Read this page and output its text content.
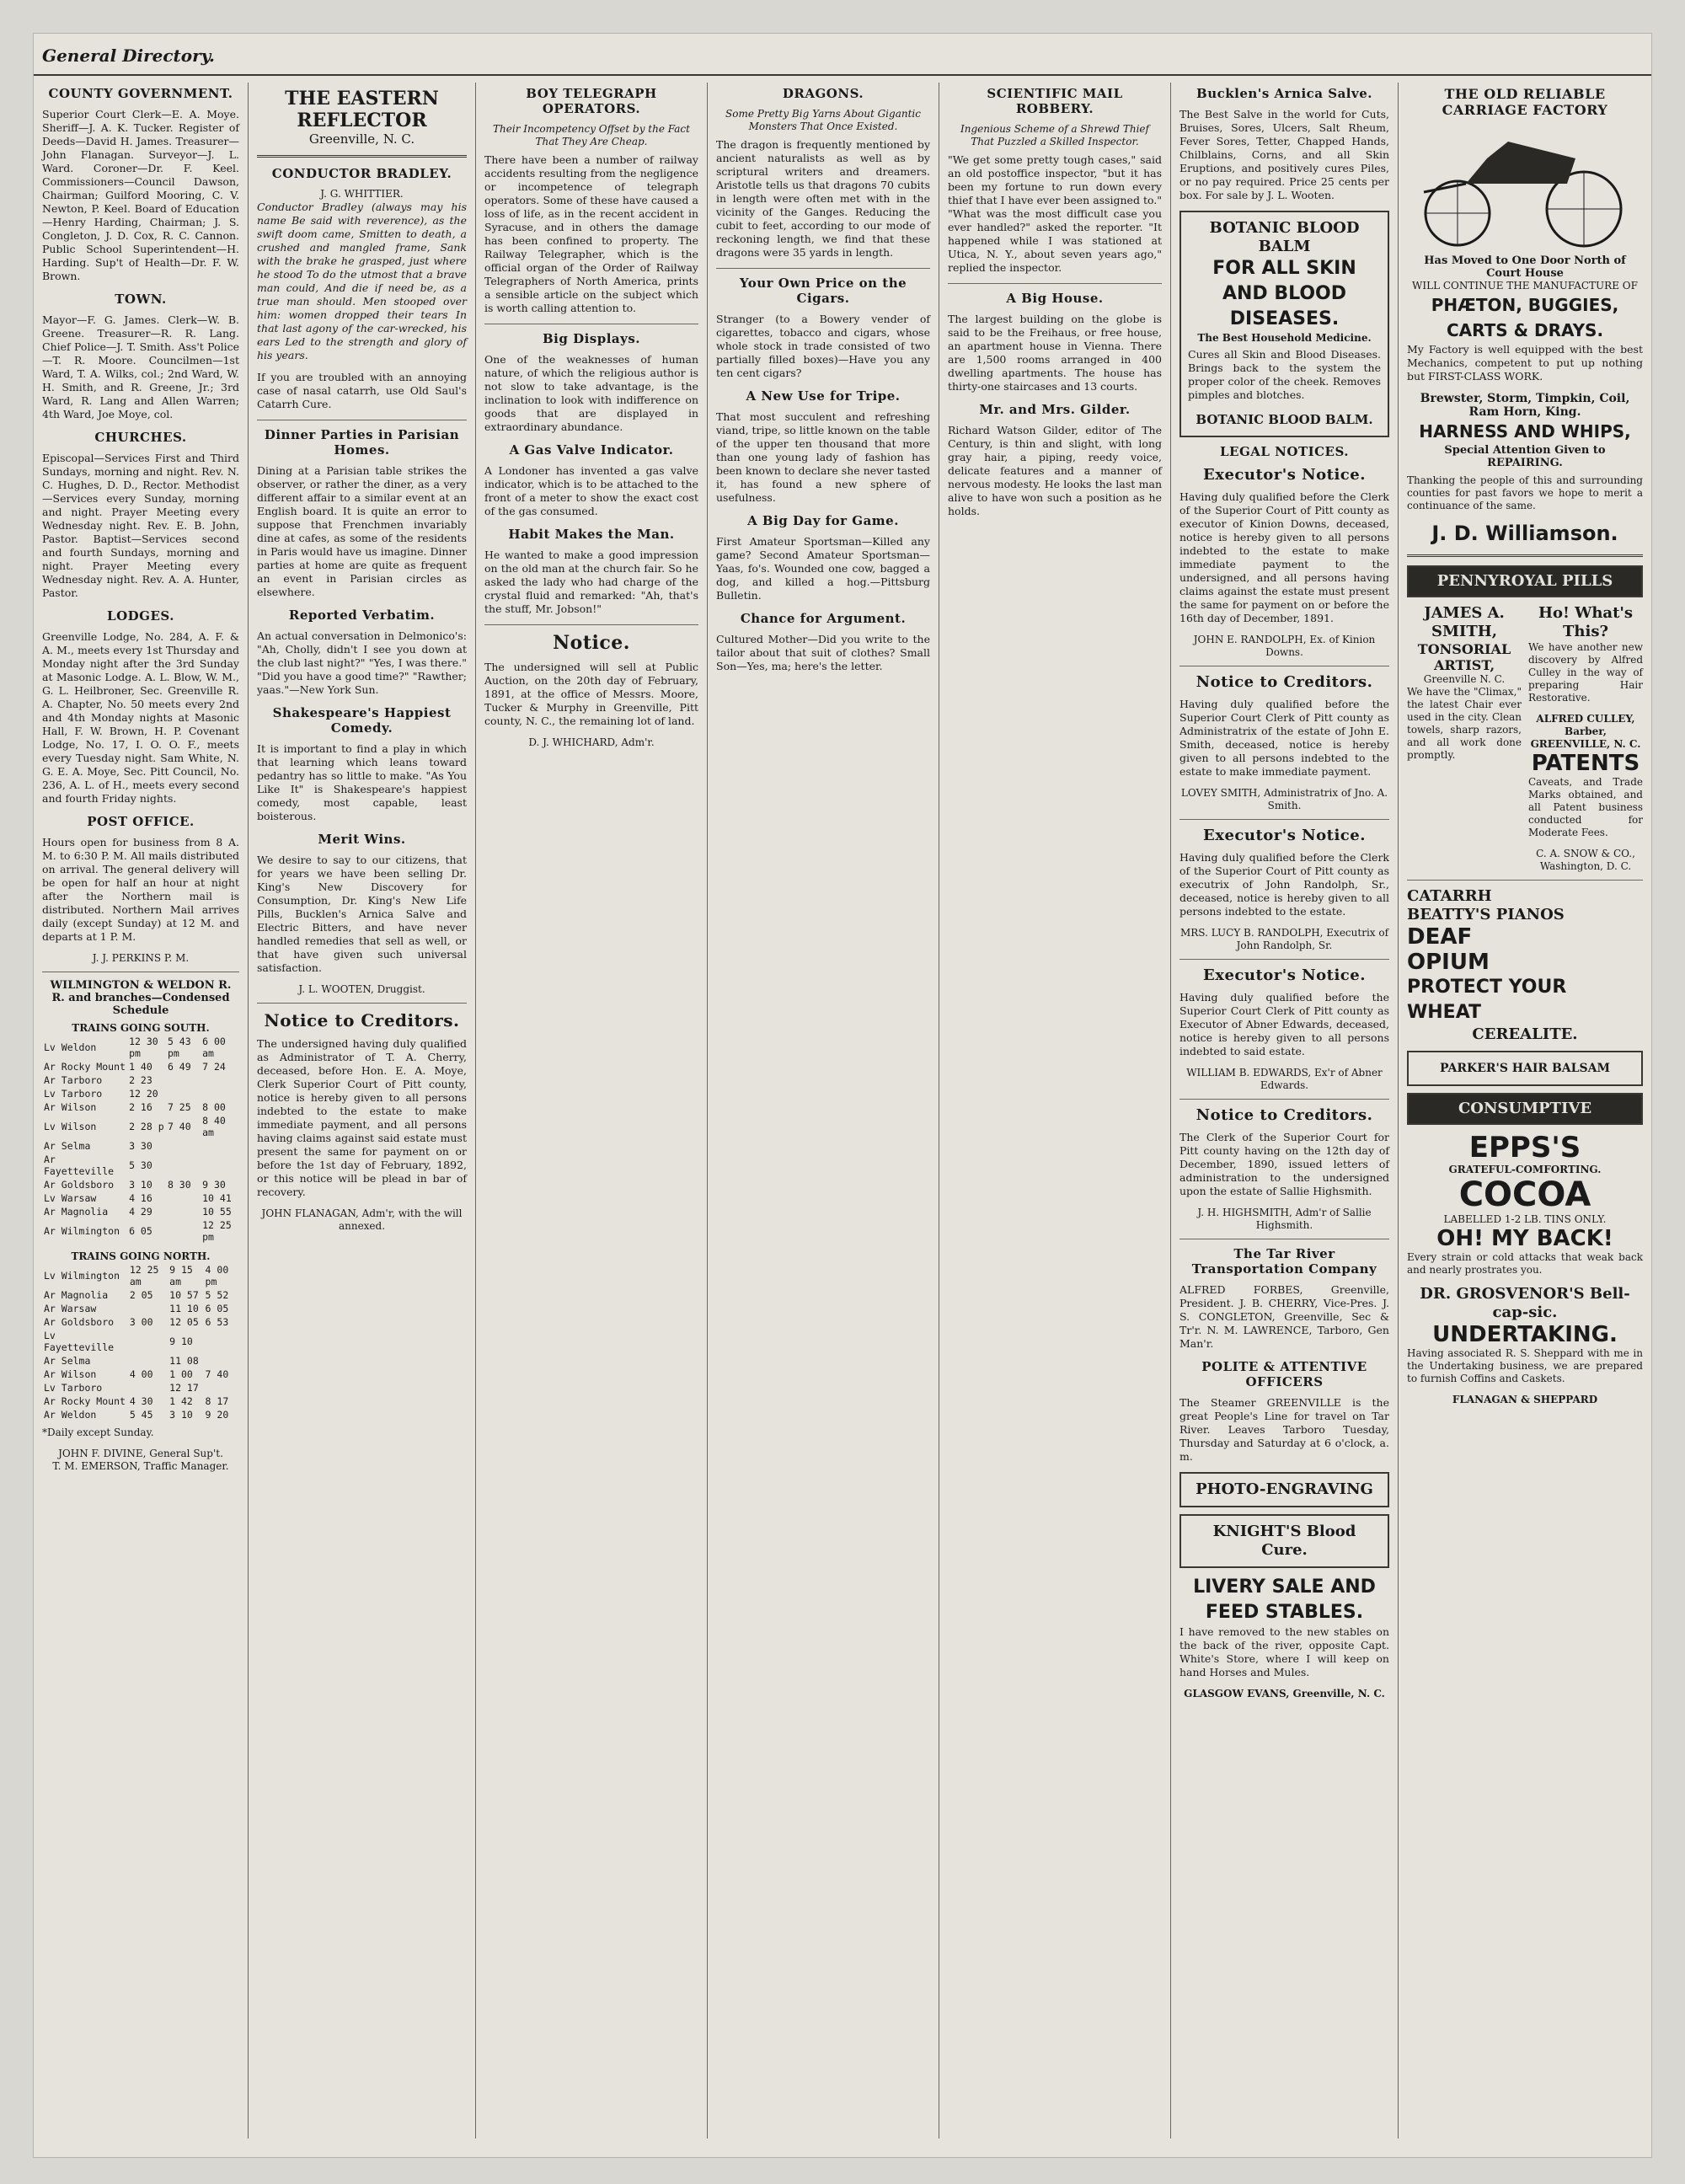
General Directory.
COUNTY GOVERNMENT.

Superior Court Clerk—E. A. Moye. Sheriff—J. A. K. Tucker. Register of Deeds—David H. James. Treasurer—John Flanagan. Surveyor—J. L. Ward. Coroner—Dr. F. Keel. Commissioners—Council Dawson, Chairman; Guilford Mooring, C. V. Newton, P. Keel. Board of Education—Henry Harding, Chairman; J. S. Congleton, J. D. Cox, R. C. Cannon. Public School Superintendent—H. Harding. Sup't of Health—Dr. F. W. Brown.

TOWN.

Mayor—F. G. James. Clerk—W. B. Greene. Treasurer—R. R. Lang. Chief Police—J. T. Smith. Ass't Police—T. R. Moore. Councilmen—1st Ward, T. A. Wilks, col.; 2nd Ward, W. H. Smith, and R. Greene, Jr.; 3rd Ward, R. Lang and Allen Warren; 4th Ward, Joe Moye, col.

CHURCHES.

Episcopal—Services First and Third Sundays, morning and night. Rev. N. C. Hughes, D. D., Rector. Methodist—Services every Sunday, morning and night. Prayer Meeting every Wednesday night. Rev. E. B. John, Pastor. Baptist—Services second and fourth Sundays, morning and night. Prayer Meeting every Wednesday night. Rev. A. A. Hunter, Pastor.

LODGES.

Greenville Lodge, No. 284, A. F. & A. M., meets every 1st Thursday and Monday night after the 3rd Sunday at Masonic Lodge. A. L. Blow, W. M., G. L. Heilbroner, Sec. Greenville R. A. Chapter, No. 50 meets every 2nd and 4th Monday nights at Masonic Hall, F. W. Brown, H. P. Covenant Lodge, No. 17, I. O. O. F., meets every Tuesday night. Sam White, N. G. E. A. Moye, Sec. Pitt Council, No. 236, A. L. of H., meets every second and fourth Friday nights.

POST OFFICE.

Hours open for business from 8 A. M. to 6:30 P. M. All mails distributed on arrival. The general delivery will be open for half an hour at night after the Northern mail is distributed. Northern Mail arrives daily (except Sunday) at 12 M. and departs at 1 P. M.

J. J. PERKINS P. M.
WILMINGTON & WELDON R. R. and branches—Condensed Schedule
TRAINS GOING SOUTH.
Lv Weldon	12 30 pm	5 43 pm	6 00 am
Ar Rocky Mount	1 40	6 49	7 24
Ar Tarboro	2 23		
Lv Tarboro	12 20		
Ar Wilson	2 16	7 25	8 00
Lv Wilson	2 28 p	7 40	8 40 am
Ar Selma	3 30		
Ar Fayetteville	5 30		
Ar Goldsboro	3 10	8 30	9 30
Lv Warsaw	4 16		10 41
Ar Magnolia	4 29		10 55
Ar Wilmington	6 05		12 25 pm
TRAINS GOING NORTH.
Lv Wilmington	12 25 am	9 15 am	4 00 pm
Ar Magnolia	2 05	10 57	5 52
Ar Warsaw		11 10	6 05
Ar Goldsboro	3 00	12 05	6 53
Lv Fayetteville		9 10	
Ar Selma		11 08	
Ar Wilson	4 00	1 00	7 40
Lv Tarboro		12 17	
Ar Rocky Mount	4 30	1 42	8 17
Ar Weldon	5 45	3 10	9 20
*Daily except Sunday.
JOHN F. DIVINE, General Sup't.
T. M. EMERSON, Traffic Manager.
THE EASTERN REFLECTOR
Greenville, N. C.
CONDUCTOR BRADLEY.
J. G. WHITTIER.

Conductor Bradley (always may his name Be said with reverence), as the swift doom came, Smitten to death, a crushed and mangled frame, Sank with the brake he grasped, just where he stood To do the utmost that a brave man could, And die if need be, as a true man should. Men stooped over him: women dropped their tears In that last agony of the car-wrecked, his ears Led to the strength and glory of his years.

If you are troubled with an annoying case of nasal catarrh, use Old Saul's Catarrh Cure.

Dinner Parties in Parisian Homes.

Dining at a Parisian table strikes the observer, or rather the diner, as a very different affair to a similar event at an English board. It is quite an error to suppose that Frenchmen invariably dine at cafes, as some of the residents in Paris would have us imagine. Dinner parties at home are quite as frequent an event in Parisian circles as elsewhere.

Reported Verbatim.

An actual conversation in Delmonico's: "Ah, Cholly, didn't I see you down at the club last night?" "Yes, I was there." "Did you have a good time?" "Rawther; yaas."—New York Sun.

Shakespeare's Happiest Comedy.

It is important to find a play in which that learning which leans toward pedantry has so little to make. "As You Like It" is Shakespeare's happiest comedy, most capable, least boisterous.

Merit Wins.

We desire to say to our citizens, that for years we have been selling Dr. King's New Discovery for Consumption, Dr. King's New Life Pills, Bucklen's Arnica Salve and Electric Bitters, and have never handled remedies that sell as well, or that have given such universal satisfaction.

J. L. WOOTEN, Druggist.
Notice to Creditors.

The undersigned having duly qualified as Administrator of T. A. Cherry, deceased, before Hon. E. A. Moye, Clerk Superior Court of Pitt county, notice is hereby given to all persons indebted to the estate to make immediate payment, and all persons having claims against said estate must present the same for payment on or before the 1st day of February, 1892, or this notice will be plead in bar of recovery.

JOHN FLANAGAN, Adm'r, with the will annexed.
BOY TELEGRAPH OPERATORS.
Their Incompetency Offset by the Fact That They Are Cheap.

There have been a number of railway accidents resulting from the negligence or incompetence of telegraph operators. Some of these have caused a loss of life, as in the recent accident in Syracuse, and in others the damage has been confined to property. The Railway Telegrapher, which is the official organ of the Order of Railway Telegraphers of North America, prints a sensible article on the subject which is worth calling attention to.

Big Displays.

One of the weaknesses of human nature, of which the religious author is not slow to take advantage, is the inclination to look with indifference on goods that are displayed in extraordinary abundance.

A Gas Valve Indicator.

A Londoner has invented a gas valve indicator, which is to be attached to the front of a meter to show the exact cost of the gas consumed.

Habit Makes the Man.

He wanted to make a good impression on the old man at the church fair. So he asked the lady who had charge of the crystal fluid and remarked: "Ah, that's the stuff, Mr. Jobson!"

Notice.

The undersigned will sell at Public Auction, on the 20th day of February, 1891, at the office of Messrs. Moore, Tucker & Murphy in Greenville, Pitt county, N. C., the remaining lot of land.

D. J. WHICHARD, Adm'r.
DRAGONS.
Some Pretty Big Yarns About Gigantic Monsters That Once Existed.

The dragon is frequently mentioned by ancient naturalists as well as by scriptural writers and dreamers. Aristotle tells us that dragons 70 cubits in length were often met with in the vicinity of the Ganges. Reducing the cubit to feet, according to our mode of reckoning length, we find that these dragons were 35 yards in length.

Your Own Price on the Cigars.

Stranger (to a Bowery vender of cigarettes, tobacco and cigars, whose whole stock in trade consisted of two partially filled boxes)—Have you any ten cent cigars?

A New Use for Tripe.

That most succulent and refreshing viand, tripe, so little known on the table of the upper ten thousand that more than one young lady of fashion has been known to declare she never tasted it, has found a new sphere of usefulness.

A Big Day for Game.

First Amateur Sportsman—Killed any game? Second Amateur Sportsman—Yaas, fo's. Wounded one cow, bagged a dog, and killed a hog.—Pittsburg Bulletin.

Chance for Argument.

Cultured Mother—Did you write to the tailor about that suit of clothes? Small Son—Yes, ma; here's the letter.

SCIENTIFIC MAIL ROBBERY.
Ingenious Scheme of a Shrewd Thief That Puzzled a Skilled Inspector.

"We get some pretty tough cases," said an old postoffice inspector, "but it has been my fortune to run down every thief that I have ever been assigned to." "What was the most difficult case you ever handled?" asked the reporter. "It happened while I was stationed at Utica, N. Y., about seven years ago," replied the inspector.

A Big House.

The largest building on the globe is said to be the Freihaus, or free house, an apartment house in Vienna. There are 1,500 rooms arranged in 400 dwelling apartments. The house has thirty-one staircases and 13 courts.

Mr. and Mrs. Gilder.

Richard Watson Gilder, editor of The Century, is thin and slight, with long gray hair, a piping, reedy voice, delicate features and a manner of nervous modesty. He looks the last man alive to have won such a position as he holds.

Bucklen's Arnica Salve.

The Best Salve in the world for Cuts, Bruises, Sores, Ulcers, Salt Rheum, Fever Sores, Tetter, Chapped Hands, Chilblains, Corns, and all Skin Eruptions, and positively cures Piles, or no pay required. Price 25 cents per box. For sale by J. L. Wooten.

BOTANIC BLOOD BALM
FOR ALL SKIN AND BLOOD DISEASES.
The Best Household Medicine.

Cures all Skin and Blood Diseases. Brings back to the system the proper color of the cheek. Removes pimples and blotches.

BOTANIC BLOOD BALM.
LEGAL NOTICES.
Executor's Notice.

Having duly qualified before the Clerk of the Superior Court of Pitt county as executor of Kinion Downs, deceased, notice is hereby given to all persons indebted to the estate to make immediate payment to the undersigned, and all persons having claims against the estate must present the same for payment on or before the 16th day of December, 1891.

JOHN E. RANDOLPH, Ex. of Kinion Downs.
Notice to Creditors.

Having duly qualified before the Superior Court Clerk of Pitt county as Administratrix of the estate of John E. Smith, deceased, notice is hereby given to all persons indebted to the estate to make immediate payment.

LOVEY SMITH, Administratrix of Jno. A. Smith.
Executor's Notice.

Having duly qualified before the Clerk of the Superior Court of Pitt county as executrix of John Randolph, Sr., deceased, notice is hereby given to all persons indebted to the estate.

MRS. LUCY B. RANDOLPH, Executrix of John Randolph, Sr.
Executor's Notice.

Having duly qualified before the Superior Court Clerk of Pitt county as Executor of Abner Edwards, deceased, notice is hereby given to all persons indebted to said estate.

WILLIAM B. EDWARDS, Ex'r of Abner Edwards.
Notice to Creditors.

The Clerk of the Superior Court for Pitt county having on the 12th day of December, 1890, issued letters of administration to the undersigned upon the estate of Sallie Highsmith.

J. H. HIGHSMITH, Adm'r of Sallie Highsmith.
The Tar River Transportation Company

ALFRED FORBES, Greenville, President. J. B. CHERRY, Vice-Pres. J. S. CONGLETON, Greenville, Sec & Tr'r. N. M. LAWRENCE, Tarboro, Gen Man'r.

POLITE & ATTENTIVE OFFICERS

The Steamer GREENVILLE is the great People's Line for travel on Tar River. Leaves Tarboro Tuesday, Thursday and Saturday at 6 o'clock, a. m.

PHOTO-ENGRAVING
KNIGHT'S Blood Cure.
LIVERY SALE AND FEED STABLES.

I have removed to the new stables on the back of the river, opposite Capt. White's Store, where I will keep on hand Horses and Mules.

GLASGOW EVANS, Greenville, N. C.
THE OLD RELIABLE CARRIAGE FACTORY
Has Moved to One Door North of Court House
WILL CONTINUE THE MANUFACTURE OF
PHÆTON, BUGGIES, CARTS & DRAYS.

My Factory is well equipped with the best Mechanics, competent to put up nothing but FIRST-CLASS WORK.

Brewster, Storm, Timpkin, Coil, Ram Horn, King.
HARNESS AND WHIPS,
Special Attention Given to REPAIRING.

Thanking the people of this and surrounding counties for past favors we hope to merit a continuance of the same.

J. D. Williamson.
PENNYROYAL PILLS
JAMES A. SMITH,
TONSORIAL ARTIST,
Greenville N. C.

We have the "Climax," the latest Chair ever used in the city. Clean towels, sharp razors, and all work done promptly.

Ho! What's This?

We have another new discovery by Alfred Culley in the way of preparing Hair Restorative.

ALFRED CULLEY, Barber, GREENVILLE, N. C.
PATENTS

Caveats, and Trade Marks obtained, and all Patent business conducted for Moderate Fees.

C. A. SNOW & CO., Washington, D. C.
CATARRH
BEATTY'S PIANOS
DEAF
OPIUM
PROTECT YOUR WHEAT
CEREALITE.
PARKER'S HAIR BALSAM
CONSUMPTIVE
EPPS'S
GRATEFUL-COMFORTING.
COCOA
LABELLED 1-2 LB. TINS ONLY.
OH! MY BACK!

Every strain or cold attacks that weak back and nearly prostrates you.

DR. GROSVENOR'S Bell-cap-sic.
UNDERTAKING.

Having associated R. S. Sheppard with me in the Undertaking business, we are prepared to furnish Coffins and Caskets.

FLANAGAN & SHEPPARD
